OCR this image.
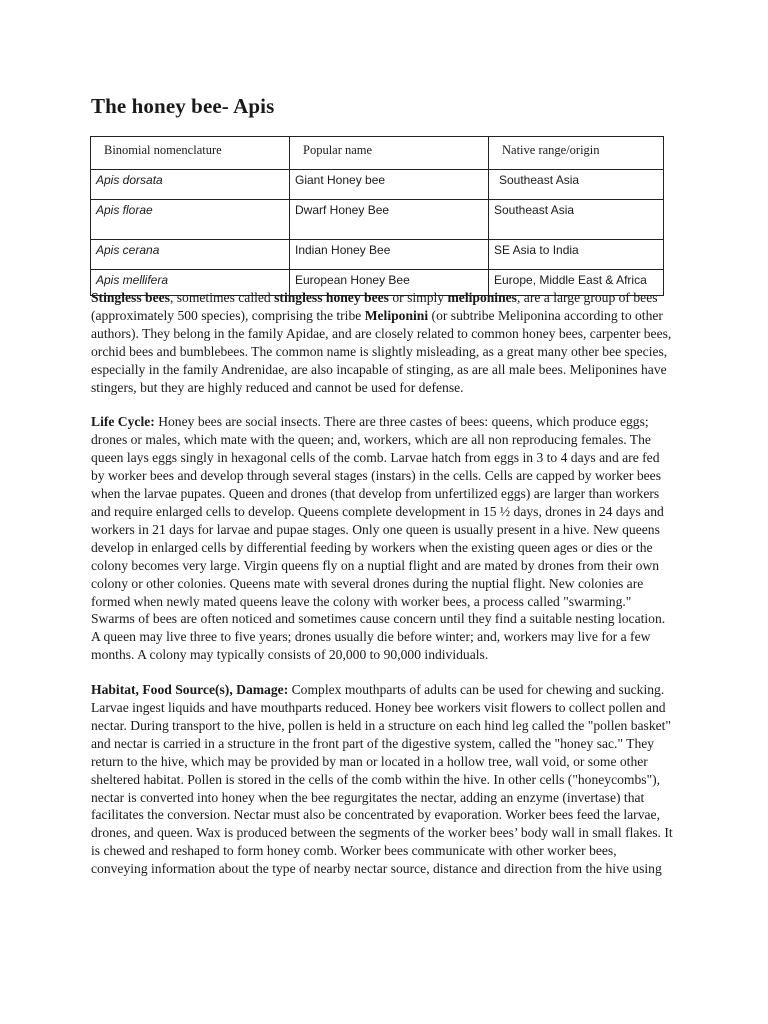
The honey bee- Apis
Binomial nomenclature	Popular name	Native range/origin
Apis dorsata	Giant Honey bee	Southeast Asia
Apis florae	Dwarf Honey Bee	Southeast Asia
Apis cerana	Indian Honey Bee	SE Asia to India
Apis mellifera	European Honey Bee	Europe, Middle East & Africa

Stingless bees, sometimes called stingless honey bees or simply meliponines, are a large group of bees (approximately 500 species), comprising the tribe Meliponini (or subtribe Meliponina according to other authors). They belong in the family Apidae, and are closely related to common honey bees, carpenter bees, orchid bees and bumblebees. The common name is slightly misleading, as a great many other bee species, especially in the family Andrenidae, are also incapable of stinging, as are all male bees. Meliponines have stingers, but they are highly reduced and cannot be used for defense.

Life Cycle: Honey bees are social insects. There are three castes of bees: queens, which produce eggs; drones or males, which mate with the queen; and, workers, which are all non reproducing females. The queen lays eggs singly in hexagonal cells of the comb. Larvae hatch from eggs in 3 to 4 days and are fed by worker bees and develop through several stages (instars) in the cells. Cells are capped by worker bees when the larvae pupates. Queen and drones (that develop from unfertilized eggs) are larger than workers and require enlarged cells to develop. Queens complete development in 15 ½ days, drones in 24 days and workers in 21 days for larvae and pupae stages. Only one queen is usually present in a hive. New queens develop in enlarged cells by differential feeding by workers when the existing queen ages or dies or the colony becomes very large. Virgin queens fly on a nuptial flight and are mated by drones from their own colony or other colonies. Queens mate with several drones during the nuptial flight. New colonies are formed when newly mated queens leave the colony with worker bees, a process called "swarming." Swarms of bees are often noticed and sometimes cause concern until they find a suitable nesting location. A queen may live three to five years; drones usually die before winter; and, workers may live for a few months. A colony may typically consists of 20,000 to 90,000 individuals.

Habitat, Food Source(s), Damage: Complex mouthparts of adults can be used for chewing and sucking. Larvae ingest liquids and have mouthparts reduced. Honey bee workers visit flowers to collect pollen and nectar. During transport to the hive, pollen is held in a structure on each hind leg called the "pollen basket" and nectar is carried in a structure in the front part of the digestive system, called the "honey sac." They return to the hive, which may be provided by man or located in a hollow tree, wall void, or some other sheltered habitat. Pollen is stored in the cells of the comb within the hive. In other cells ("honeycombs"), nectar is converted into honey when the bee regurgitates the nectar, adding an enzyme (invertase) that facilitates the conversion. Nectar must also be concentrated by evaporation. Worker bees feed the larvae, drones, and queen. Wax is produced between the segments of the worker bees’ body wall in small flakes. It is chewed and reshaped to form honey comb. Worker bees communicate with other worker bees, conveying information about the type of nearby nectar source, distance and direction from the hive using
